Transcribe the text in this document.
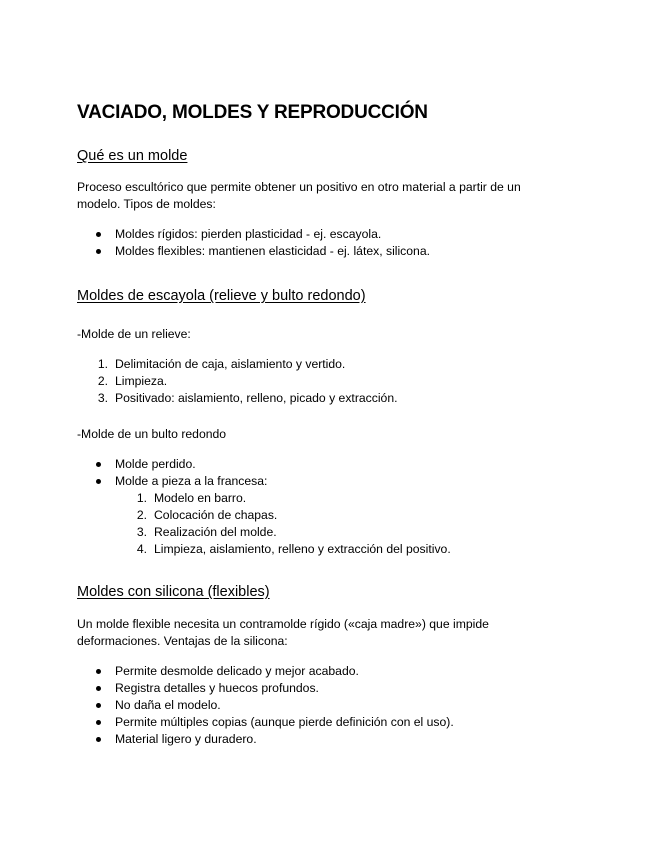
VACIADO, MOLDES Y REPRODUCCIÓN
Qué es un molde
Proceso escultórico que permite obtener un positivo en otro material a partir de un
modelo. Tipos de moldes:
Moldes rígidos: pierden plasticidad - ej. escayola.
Moldes flexibles: mantienen elasticidad - ej. látex, silicona.
Moldes de escayola (relieve y bulto redondo)
-Molde de un relieve:
1. Delimitación de caja, aislamiento y vertido.
2. Limpieza.
3. Positivado: aislamiento, relleno, picado y extracción.
-Molde de un bulto redondo
Molde perdido.
Molde a pieza a la francesa:
1. Modelo en barro.
2. Colocación de chapas.
3. Realización del molde.
4. Limpieza, aislamiento, relleno y extracción del positivo.
Moldes con silicona (flexibles)
Un molde flexible necesita un contramolde rígido («caja madre») que impide
deformaciones. Ventajas de la silicona:
Permite desmolde delicado y mejor acabado.
Registra detalles y huecos profundos.
No daña el modelo.
Permite múltiples copias (aunque pierde definición con el uso).
Material ligero y duradero.
